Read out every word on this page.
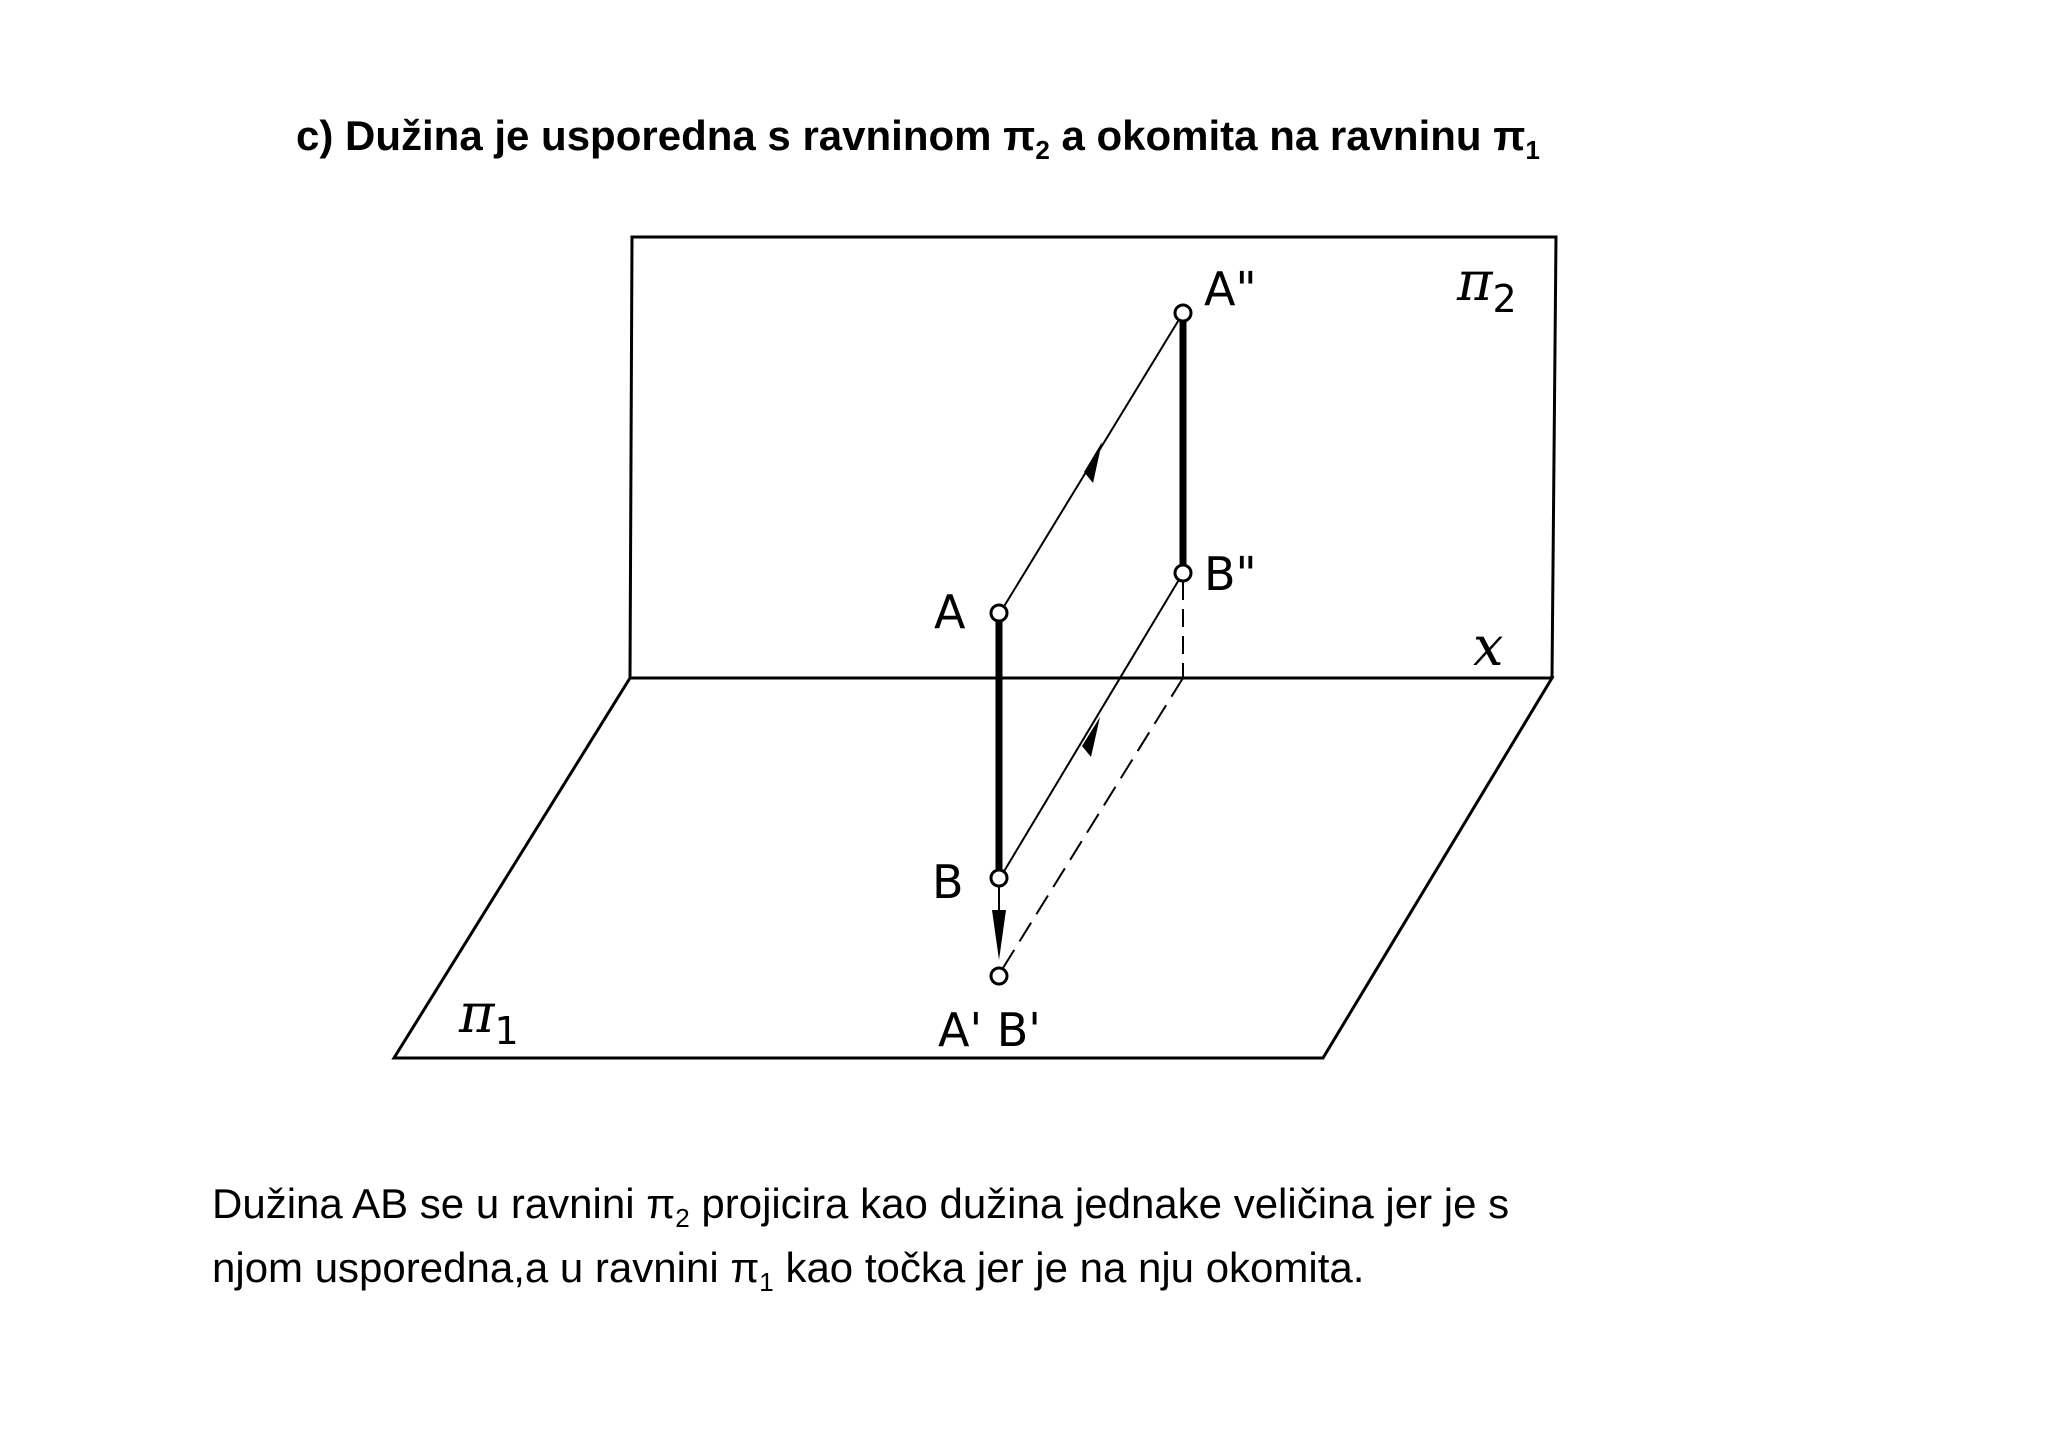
c) Dužina je usporedna s ravninom $\pi_2$ a okomita na ravninu $\pi_1$
A
B
A"
B"
A' B'
x
$\pi_1$
$\pi_2$
Dužina AB se u ravnini $\pi_2$ projicira kao dužina jednake veličina jer je s
njom usporedna,a u ravnini $\pi_1$ kao točka jer je na nju okomita.
